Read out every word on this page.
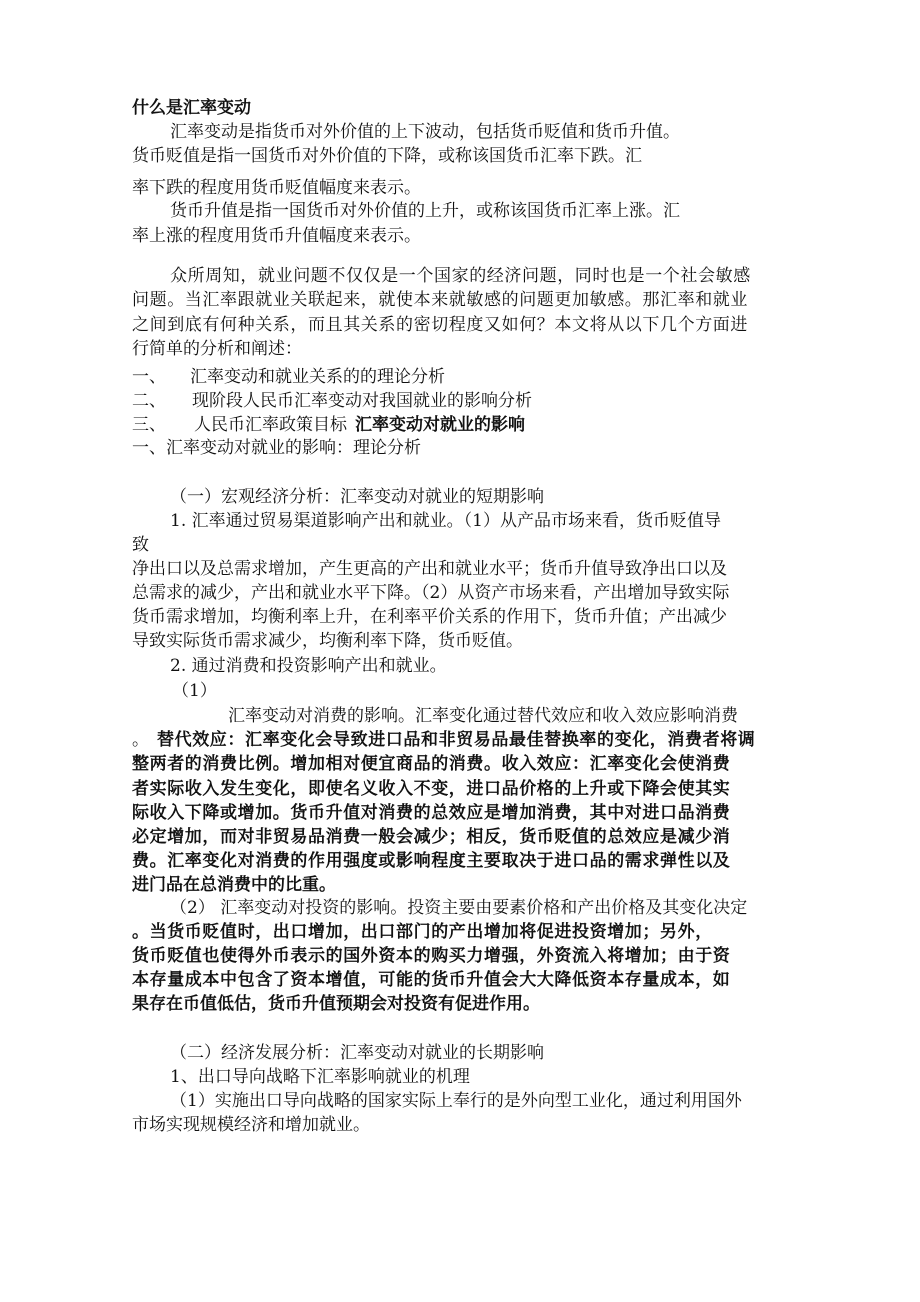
什么是汇率变动

汇率变动是指货币对外价值的上下波动，包括货币贬值和货币升值。

货币贬值是指一国货币对外价值的下降，或称该国货币汇率下跌。汇

率下跌的程度用货币贬值幅度来表示。

货币升值是指一国货币对外价值的上升，或称该国货币汇率上涨。汇

率上涨的程度用货币升值幅度来表示。

众所周知，就业问题不仅仅是一个国家的经济问题，同时也是一个社会敏感

问题。当汇率跟就业关联起来，就使本来就敏感的问题更加敏感。那汇率和就业

之间到底有何种关系，而且其关系的密切程度又如何？本文将从以下几个方面进

行简单的分析和阐述：

一、 汇率变动和就业关系的的理论分析

二、 现阶段人民币汇率变动对我国就业的影响分析

三、 人民币汇率政策目标 汇率变动对就业的影响

一、汇率变动对就业的影响：理论分析

（一）宏观经济分析：汇率变动对就业的短期影响

1. 汇率通过贸易渠道影响产出和就业。（1）从产品市场来看，货币贬值导

致

净出口以及总需求增加，产生更高的产出和就业水平；货币升值导致净出口以及

总需求的减少，产出和就业水平下降。（2）从资产市场来看，产出增加导致实际

货币需求增加，均衡利率上升，在利率平价关系的作用下，货币升值；产出减少

导致实际货币需求减少，均衡利率下降，货币贬值。

2. 通过消费和投资影响产出和就业。

（1）

汇率变动对消费的影响。汇率变化通过替代效应和收入效应影响消费

。 替代效应：汇率变化会导致进口品和非贸易品最佳替换率的变化，消费者将调

整两者的消费比例。增加相对便宜商品的消费。收入效应：汇率变化会使消费

者实际收入发生变化，即使名义收入不变，进口品价格的上升或下降会使其实

际收入下降或增加。货币升值对消费的总效应是增加消费，其中对进口品消费

必定增加，而对非贸易品消费一般会减少；相反，货币贬值的总效应是减少消

费。汇率变化对消费的作用强度或影响程度主要取决于进口品的需求弹性以及

进门品在总消费中的比重。

（2） 汇率变动对投资的影响。投资主要由要素价格和产出价格及其变化决定

。当货币贬值时，出口增加，出口部门的产出增加将促进投资增加；另外，

货币贬值也使得外币表示的国外资本的购买力增强，外资流入将增加；由于资

本存量成本中包含了资本增值，可能的货币升值会大大降低资本存量成本，如

果存在币值低估，货币升值预期会对投资有促进作用。

（二）经济发展分析：汇率变动对就业的长期影响

1、出口导向战略下汇率影响就业的机理

（1）实施出口导向战略的国家实际上奉行的是外向型工业化，通过利用国外

市场实现规模经济和增加就业。
